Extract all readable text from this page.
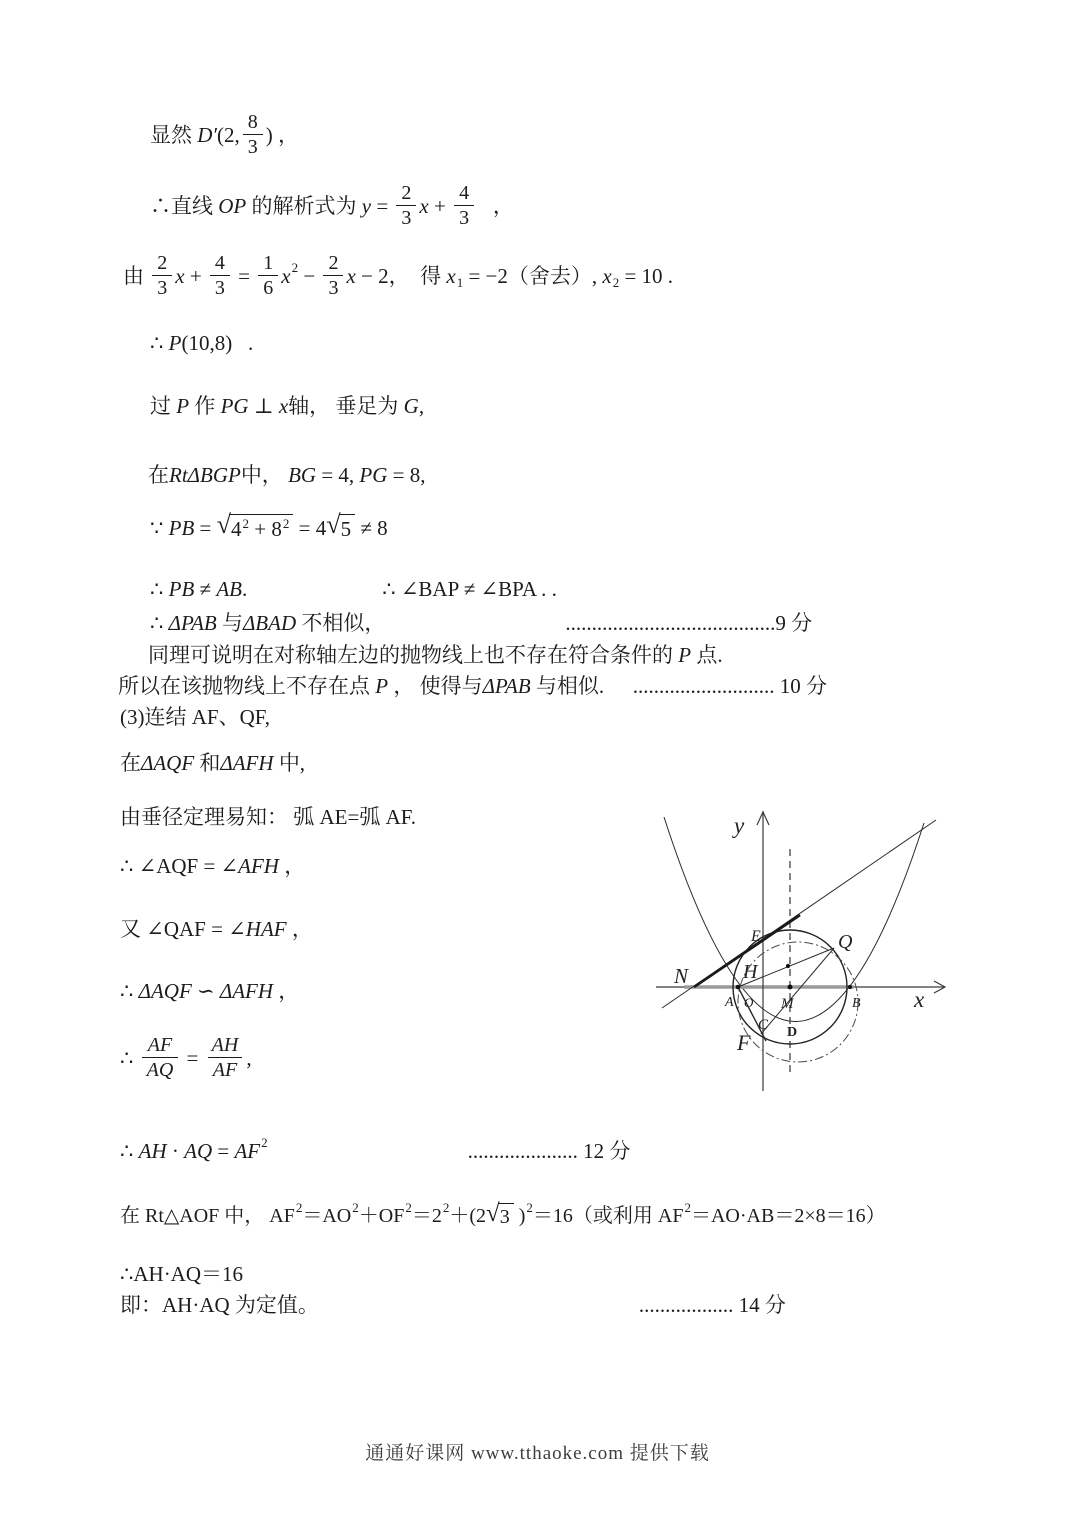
显然 D′ (2, $\frac{8}{3}$ ) ，
∴直线 OP 的解析式为 $y = \frac{2}{3}$ $x + \frac{4}{3}$ ，
由 $\frac{2}{3}$ $x + \frac{4}{3} = \frac{1}{6}$ x $2 - \frac{2}{3}$ x − 2，  得 x 1 = −2（舍去）, x 2 = 10 .
∴ P (10,8)   .
过 P 作 PG ⊥ x 轴， 垂足为 G ,
在 RtΔBGP 中， BG = 4, PG = 8,
∵ PB = √ $4^2 + 8^2 = 4$ √ 5 ≠ 8
∴ PB ≠ AB .	∴ ∠BAP ≠ ∠BPA . .
∴ ΔPAB 与 ΔBAD 不相似，	........................................9 分
同理可说明在对称轴左边的抛物线上也不存在符合条件的 P 点.
所以在该抛物线上不存在点 P ， 使得与 ΔPAB 与相似. ........................... 10 分
(3)连结 AF、QF,
在 ΔAQF 和 ΔAFH 中,
由垂径定理易知： 弧 AE=弧 AF.
∴ ∠AQF = ∠ AFH ，
又 ∠QAF = ∠ HAF ，
∴ ΔAQF ∽ ΔAFH ，
∴ $\frac{AF}{AQ} = \frac{AH}{AF}$ ,
∴ AH · AQ = AF 2	..................... 12 分
在 Rt△AOF 中， AF 2 ＝AO 2 ＋OF 2 ＝2 2 ＋(2 √ 3 ) 2 ＝16（或利用 AF 2 ＝AO·AB＝2×8＝16）
∴AH·AQ＝16
即：AH·AQ 为定值。	.................. 14 分
y
x
N
E
H
A O M	B
Q
C D
F
通通好课网 www.tthaoke.com 提供下载
